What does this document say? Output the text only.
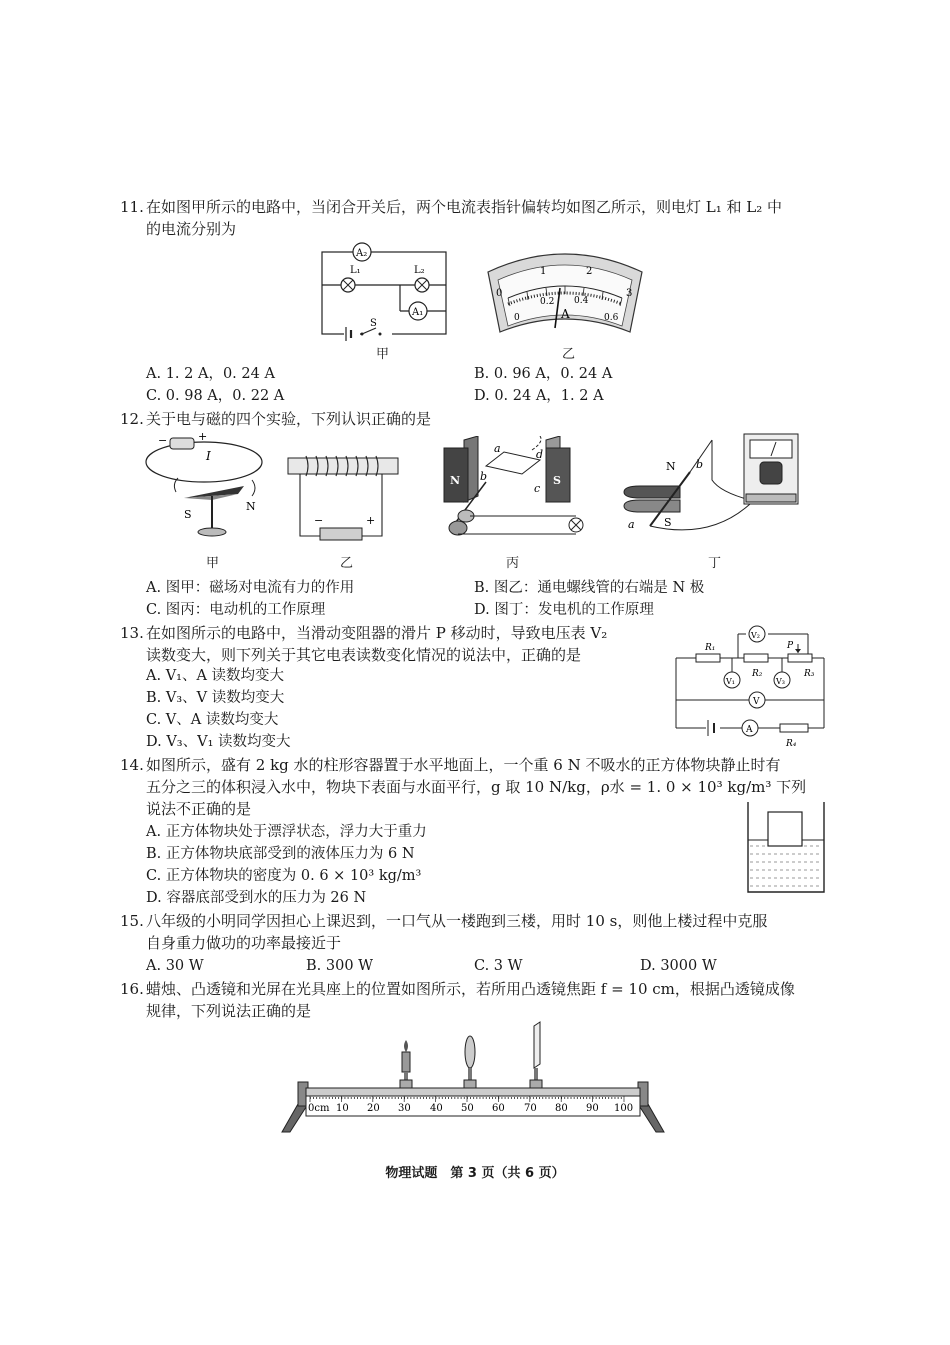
11. 在如图甲所示的电路中，当闭合开关后，两个电流表指针偏转均如图乙所示，则电灯 L₁ 和 L₂ 中
的电流分别为
A₂
A₁
L₁	L₂
S
甲
0
1	2
3
0
0.2 0.4
0.6
A
乙
A. 1. 2 A，0. 24 A	B. 0. 96 A，0. 24 A
C. 0. 98 A，0. 22 A	D. 0. 24 A，1. 2 A
12. 关于电与磁的四个实验，下列认识正确的是
−	+
I
S
N
甲
−	+
乙
N	S
a
b
c
d
丙
N
S
b
a
丁
A. 图甲：磁场对电流有力的作用	B. 图乙：通电螺线管的右端是 N 极
C. 图丙：电动机的工作原理	D. 图丁：发电机的工作原理
13. 在如图所示的电路中，当滑动变阻器的滑片 P 移动时，导致电压表 V₂
读数变大，则下列关于其它电表读数变化情况的说法中，正确的是
A. V₁、A 读数均变大
B. V₃、V 读数均变大
C. V、A 读数均变大
D. V₃、V₁ 读数均变大
R₁
R₂	R₃
R₄
P
V₂
V₁	V₃
V
A
14. 如图所示，盛有 2 kg 水的柱形容器置于水平地面上，一个重 6 N 不吸水的正方体物块静止时有
五分之三的体积浸入水中，物块下表面与水面平行，g 取 10 N/kg，ρ水 = 1. 0 × 10³ kg/m³ 下列
说法不正确的是
A. 正方体物块处于漂浮状态，浮力大于重力
B. 正方体物块底部受到的液体压力为 6 N
C. 正方体物块的密度为 0. 6 × 10³ kg/m³
D. 容器底部受到水的压力为 26 N
15. 八年级的小明同学因担心上课迟到，一口气从一楼跑到三楼，用时 10 s，则他上楼过程中克服
自身重力做功的功率最接近于
A. 30 W	B. 300 W	C. 3 W	D. 3000 W
16. 蜡烛、凸透镜和光屏在光具座上的位置如图所示，若所用凸透镜焦距 f = 10 cm，根据凸透镜成像
规律，下列说法正确的是
0cm 10 20 30 40 50 60 70 80 90 100
物理试题　第 3 页（共 6 页）
